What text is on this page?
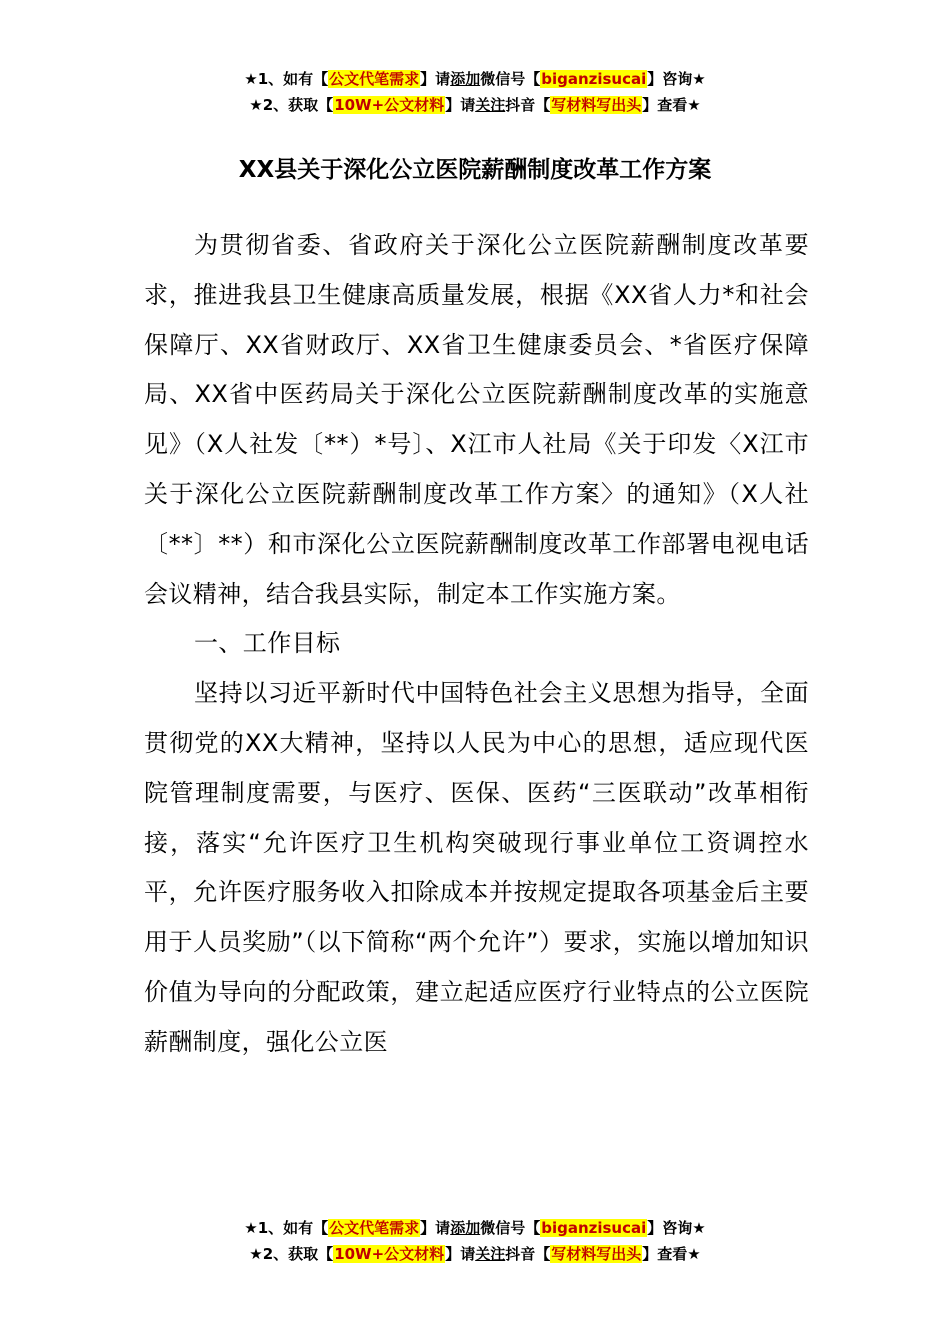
★1、如有【公文代笔需求】请添加微信号【biganzisucai】咨询★
★2、获取【10W+公文材料】请关注抖音【写材料写出头】查看★
XX县关于深化公立医院薪酬制度改革工作方案

为贯彻省委、省政府关于深化公立医院薪酬制度改革要求，推进我县卫生健康高质量发展，根据《XX省人力*和社会保障厅、XX省财政厅、XX省卫生健康委员会、*省医疗保障局、XX省中医药局关于深化公立医院薪酬制度改革的实施意见》（X人社发〔**）*号〕、X江市人社局《关于印发〈X江市关于深化公立医院薪酬制度改革工作方案〉的通知》（X人社〔**〕**）和市深化公立医院薪酬制度改革工作部署电视电话会议精神，结合我县实际，制定本工作实施方案。

一、工作目标

坚持以习近平新时代中国特色社会主义思想为指导，全面贯彻党的XX大精神，坚持以人民为中心的思想，适应现代医院管理制度需要，与医疗、医保、医药“三医联动”改革相衔接，落实“允许医疗卫生机构突破现行事业单位工资调控水平，允许医疗服务收入扣除成本并按规定提取各项基金后主要用于人员奖励”（以下简称“两个允许”）要求，实施以增加知识价值为导向的分配政策，建立起适应医疗行业特点的公立医院薪酬制度，强化公立医

★1、如有【公文代笔需求】请添加微信号【biganzisucai】咨询★
★2、获取【10W+公文材料】请关注抖音【写材料写出头】查看★
